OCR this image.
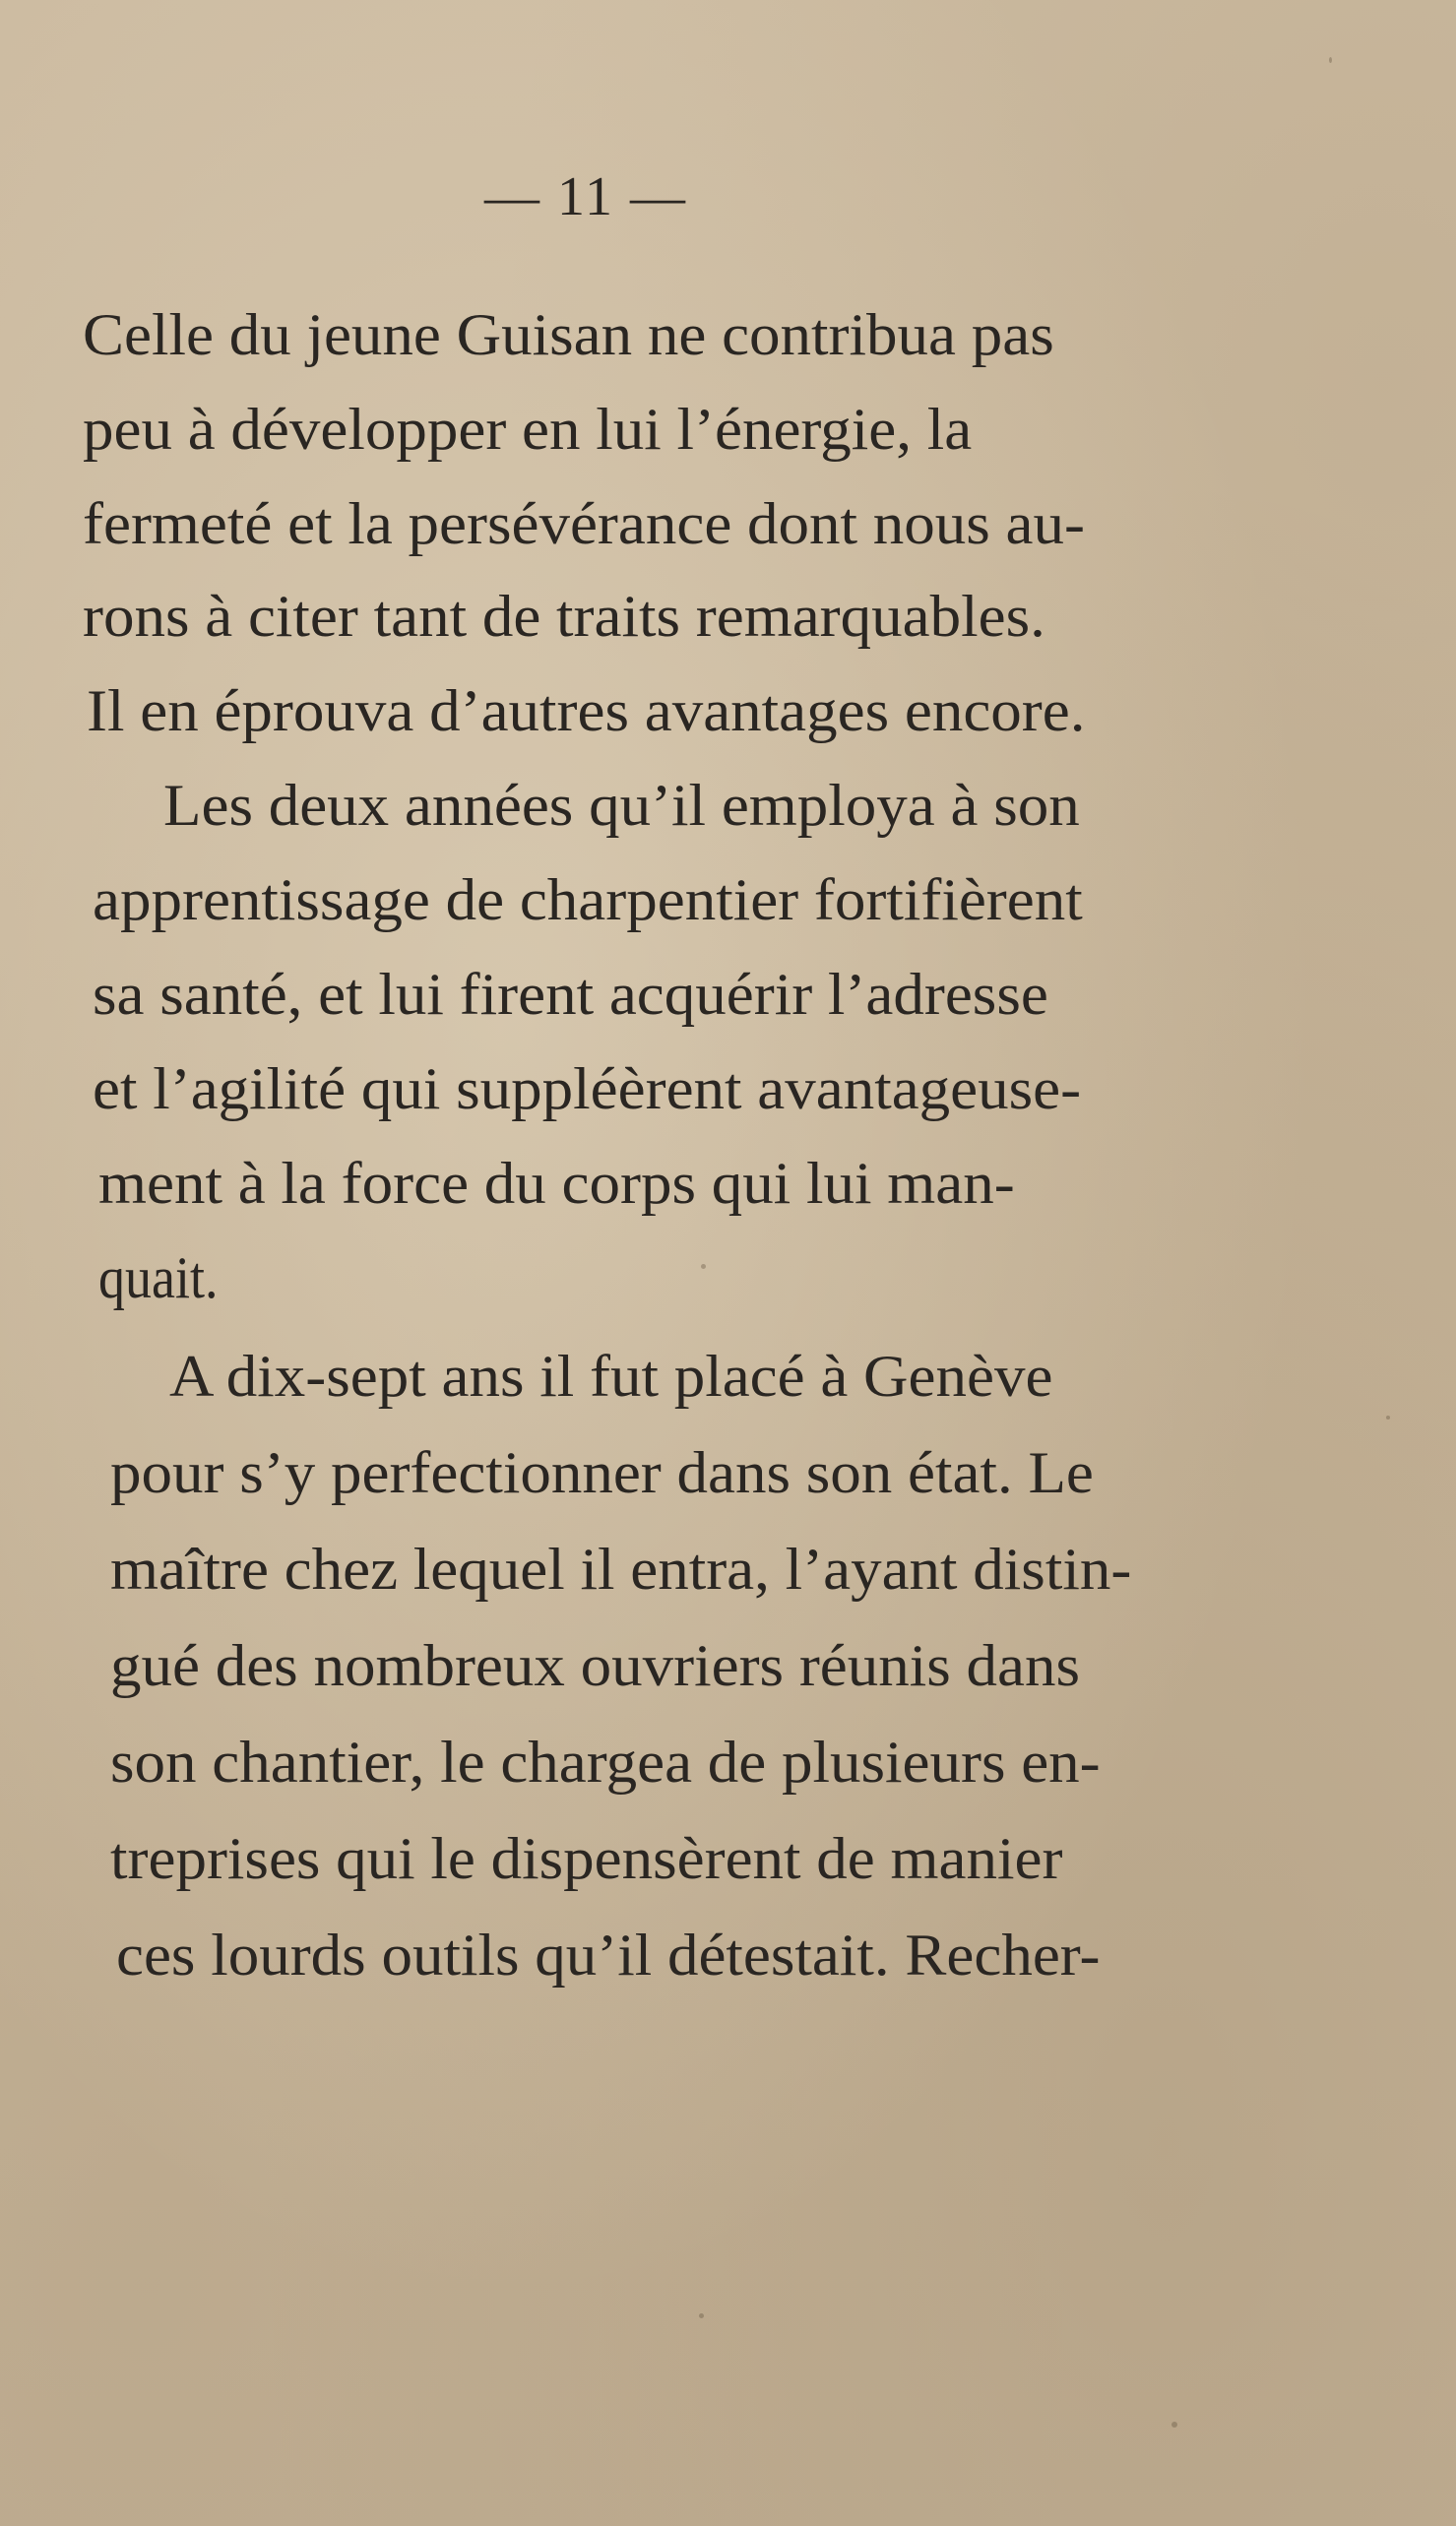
— 11 —
Celle du jeune Guisan ne contribua pas
peu à développer en lui l’énergie, la
fermeté et la persévérance dont nous au-
rons à citer tant de traits remarquables.
Il en éprouva d’autres avantages encore.
Les deux années qu’il employa à son
apprentissage de charpentier fortifièrent
sa santé, et lui firent acquérir l’adresse
et l’agilité qui suppléèrent avantageuse-
ment à la force du corps qui lui man-
quait.
A dix-sept ans il fut placé à Genève
pour s’y perfectionner dans son état. Le
maître chez lequel il entra, l’ayant distin-
gué des nombreux ouvriers réunis dans
son chantier, le chargea de plusieurs en-
treprises qui le dispensèrent de manier
ces lourds outils qu’il détestait. Recher-
